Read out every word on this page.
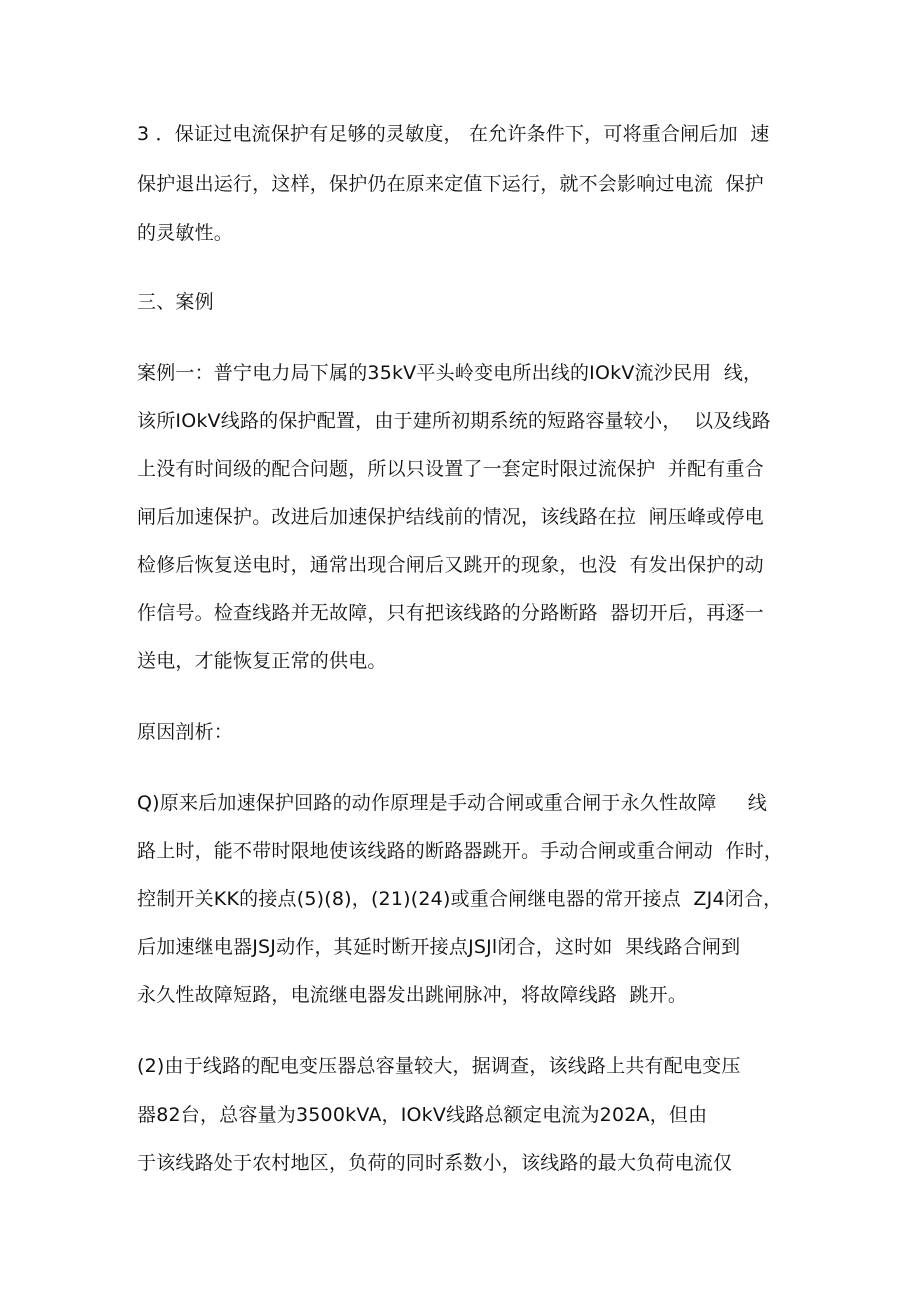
3 ．保证过电流保护有足够的灵敏度， 在允许条件下，可将重合闸后加  速
保护退出运行，这样，保护仍在原来定值下运行，就不会影响过电流  保护
的灵敏性。
三、案例
案例一：普宁电力局下属的35kV平头岭变电所出线的IOkV流沙民用  线，
该所IOkV线路的保护配置，由于建所初期系统的短路容量较小，  以及线路
上没有时间级的配合问题，所以只设置了一套定时限过流保护  并配有重合
闸后加速保护。改进后加速保护结线前的情况，该线路在拉  闸压峰或停电
检修后恢复送电时，通常出现合闸后又跳开的现象，也没  有发出保护的动
作信号。检查线路并无故障，只有把该线路的分路断路  器切开后，再逐一
送电，才能恢复正常的供电。
原因剖析：
Q)原来后加速保护回路的动作原理是手动合闸或重合闸于永久性故障     线
路上时，能不带时限地使该线路的断路器跳开。手动合闸或重合闸动  作时，
控制开关KK的接点(5)(8)，(21)(24)或重合闸继电器的常开接点  ZJ4闭合，
后加速继电器JSJ动作，其延时断开接点JSJl闭合，这时如  果线路合闸到
永久性故障短路，电流继电器发出跳闸脉冲，将故障线路  跳开。
(2)由于线路的配电变压器总容量较大，据调查，该线路上共有配电变压
器82台，总容量为3500kVA，IOkV线路总额定电流为202A，但由
于该线路处于农村地区，负荷的同时系数小，该线路的最大负荷电流仅
